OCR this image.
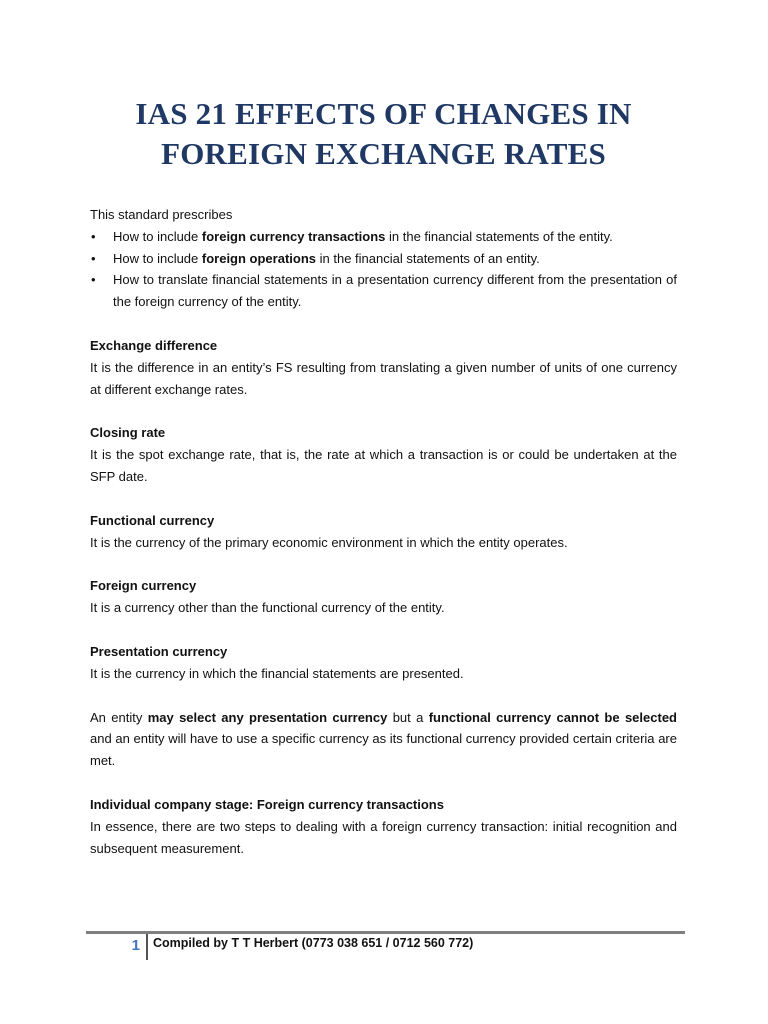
IAS 21 EFFECTS OF CHANGES IN
FOREIGN EXCHANGE RATES

This standard prescribes

• How to include foreign currency transactions in the financial statements of the entity.
• How to include foreign operations in the financial statements of an entity.
• How to translate financial statements in a presentation currency different from the presentation of the foreign currency of the entity.

Exchange difference

It is the difference in an entity’s FS resulting from translating a given number of units of one currency at different exchange rates.

Closing rate

It is the spot exchange rate, that is, the rate at which a transaction is or could be undertaken at the SFP date.

Functional currency

It is the currency of the primary economic environment in which the entity operates.

Foreign currency

It is a currency other than the functional currency of the entity.

Presentation currency

It is the currency in which the financial statements are presented.

An entity may select any presentation currency but a functional currency cannot be selected and an entity will have to use a specific currency as its functional currency provided certain criteria are met.

Individual company stage: Foreign currency transactions

In essence, there are two steps to dealing with a foreign currency transaction: initial recognition and subsequent measurement.

1 Compiled by T T Herbert (0773 038 651 / 0712 560 772)
